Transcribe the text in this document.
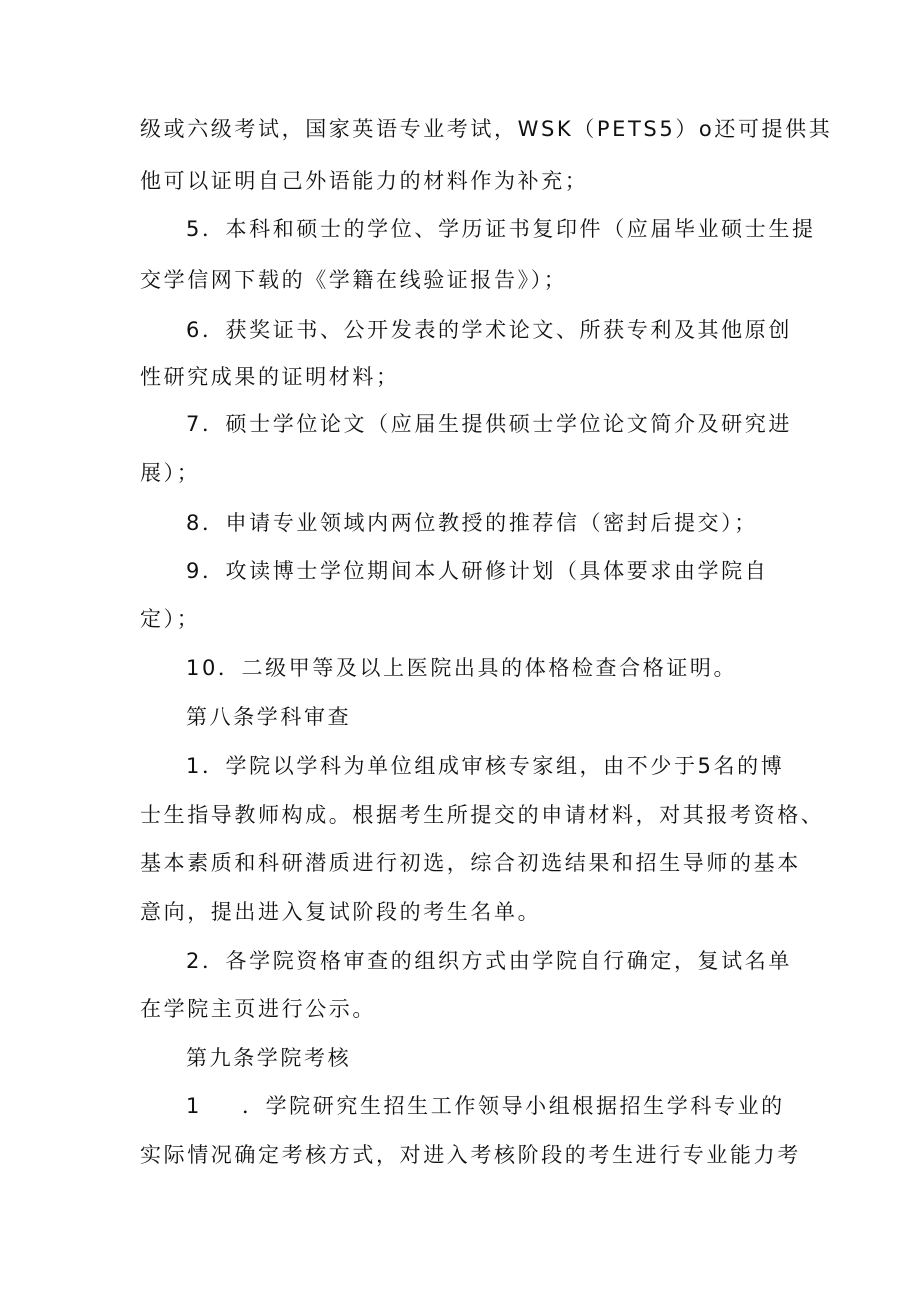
级或六级考试，国家英语专业考试，WSK（PETS5）o还可提供其
他可以证明自己外语能力的材料作为补充；
5．本科和硕士的学位、学历证书复印件（应届毕业硕士生提
交学信网下载的《学籍在线验证报告》）；
6．获奖证书、公开发表的学术论文、所获专利及其他原创
性研究成果的证明材料；
7．硕士学位论文（应届生提供硕士学位论文简介及研究进
展）；
8．申请专业领域内两位教授的推荐信（密封后提交）；
9．攻读博士学位期间本人研修计划（具体要求由学院自
定）；
10．二级甲等及以上医院出具的体格检查合格证明。
第八条学科审查
1．学院以学科为单位组成审核专家组，由不少于5名的博
士生指导教师构成。根据考生所提交的申请材料，对其报考资格、
基本素质和科研潜质进行初选，综合初选结果和招生导师的基本
意向，提出进入复试阶段的考生名单。
2．各学院资格审查的组织方式由学院自行确定，复试名单
在学院主页进行公示。
第九条学院考核
1 ．学院研究生招生工作领导小组根据招生学科专业的
实际情况确定考核方式，对进入考核阶段的考生进行专业能力考
